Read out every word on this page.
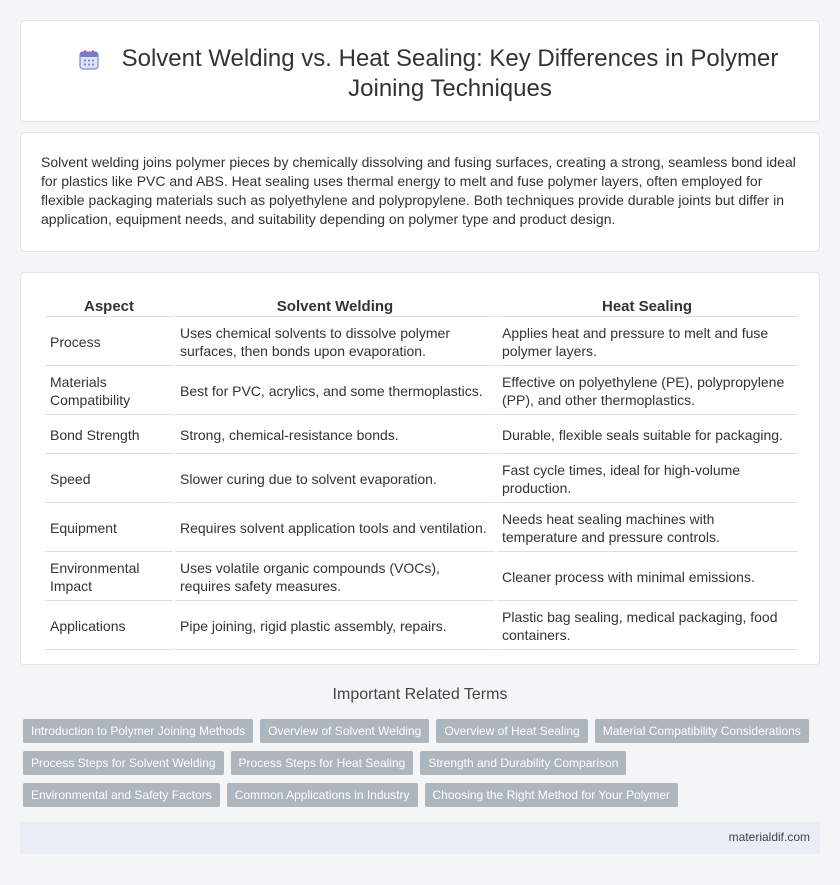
Solvent Welding vs. Heat Sealing: Key Differences in Polymer Joining Techniques

Solvent welding joins polymer pieces by chemically dissolving and fusing surfaces, creating a strong, seamless bond ideal for plastics like PVC and ABS. Heat sealing uses thermal energy to melt and fuse polymer layers, often employed for flexible packaging materials such as polyethylene and polypropylene. Both techniques provide durable joints but differ in application, equipment needs, and suitability depending on polymer type and product design.

Aspect	Solvent Welding	Heat Sealing
Process	Uses chemical solvents to dissolve polymer surfaces, then bonds upon evaporation.	Applies heat and pressure to melt and fuse polymer layers.
Materials Compatibility	Best for PVC, acrylics, and some thermoplastics.	Effective on polyethylene (PE), polypropylene (PP), and other thermoplastics.
Bond Strength	Strong, chemical-resistance bonds.	Durable, flexible seals suitable for packaging.
Speed	Slower curing due to solvent evaporation.	Fast cycle times, ideal for high-volume production.
Equipment	Requires solvent application tools and ventilation.	Needs heat sealing machines with temperature and pressure controls.
Environmental Impact	Uses volatile organic compounds (VOCs), requires safety measures.	Cleaner process with minimal emissions.
Applications	Pipe joining, rigid plastic assembly, repairs.	Plastic bag sealing, medical packaging, food containers.
Important Related Terms
Introduction to Polymer Joining Methods	Overview of Solvent Welding	Overview of Heat Sealing	Material Compatibility Considerations
Process Steps for Solvent Welding	Process Steps for Heat Sealing	Strength and Durability Comparison
Environmental and Safety Factors	Common Applications in Industry	Choosing the Right Method for Your Polymer
materialdif.com
